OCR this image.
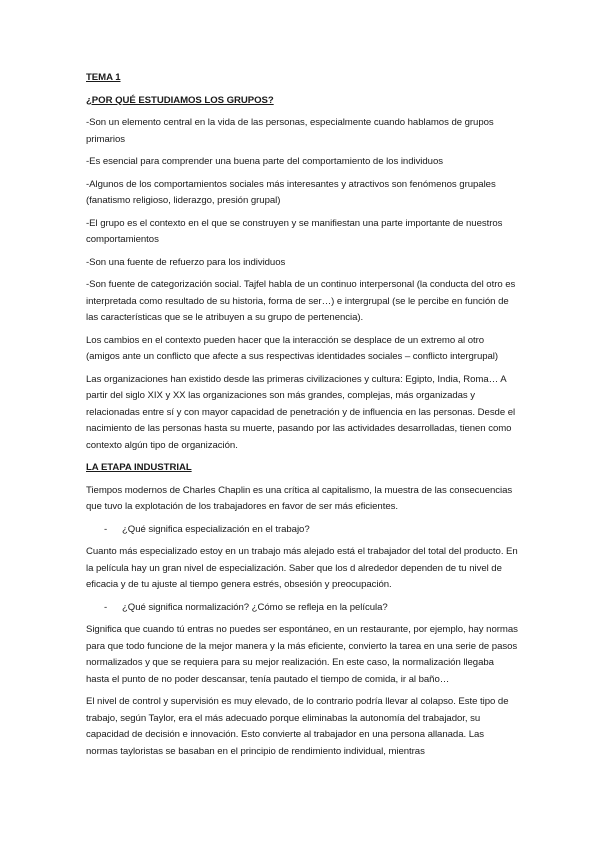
TEMA 1

¿POR QUÉ ESTUDIAMOS LOS GRUPOS?

-Son un elemento central en la vida de las personas, especialmente cuando hablamos de grupos primarios

-Es esencial para comprender una buena parte del comportamiento de los individuos

-Algunos de los comportamientos sociales más interesantes y atractivos son fenómenos grupales (fanatismo religioso, liderazgo, presión grupal)

-El grupo es el contexto en el que se construyen y se manifiestan una parte importante de nuestros comportamientos

-Son una fuente de refuerzo para los individuos

-Son fuente de categorización social. Tajfel habla de un continuo interpersonal (la conducta del otro es interpretada como resultado de su historia, forma de ser…) e intergrupal (se le percibe en función de las características que se le atribuyen a su grupo de pertenencia).

Los cambios en el contexto pueden hacer que la interacción se desplace de un extremo al otro (amigos ante un conflicto que afecte a sus respectivas identidades sociales – conflicto intergrupal)

Las organizaciones han existido desde las primeras civilizaciones y cultura: Egipto, India, Roma… A partir del siglo XIX y XX las organizaciones son más grandes, complejas, más organizadas y relacionadas entre sí y con mayor capacidad de penetración y de influencia en las personas. Desde el nacimiento de las personas hasta su muerte, pasando por las actividades desarrolladas, tienen como contexto algún tipo de organización.

LA ETAPA INDUSTRIAL

Tiempos modernos de Charles Chaplin es una crítica al capitalismo, la muestra de las consecuencias que tuvo la explotación de los trabajadores en favor de ser más eficientes.

-	¿Qué significa especialización en el trabajo?

Cuanto más especializado estoy en un trabajo más alejado está el trabajador del total del producto. En la película hay un gran nivel de especialización. Saber que los d alrededor dependen de tu nivel de eficacia y de tu ajuste al tiempo genera estrés, obsesión y preocupación.

-	¿Qué significa normalización? ¿Cómo se refleja en la película?

Significa que cuando tú entras no puedes ser espontáneo, en un restaurante, por ejemplo, hay normas para que todo funcione de la mejor manera y la más eficiente, convierto la tarea en una serie de pasos normalizados y que se requiera para su mejor realización. En este caso, la normalización llegaba hasta el punto de no poder descansar, tenía pautado el tiempo de comida, ir al baño…

El nivel de control y supervisión es muy elevado, de lo contrario podría llevar al colapso. Este tipo de trabajo, según Taylor, era el más adecuado porque eliminabas la autonomía del trabajador, su capacidad de decisión e innovación. Esto convierte al trabajador en una persona allanada. Las normas tayloristas se basaban en el principio de rendimiento individual, mientras
